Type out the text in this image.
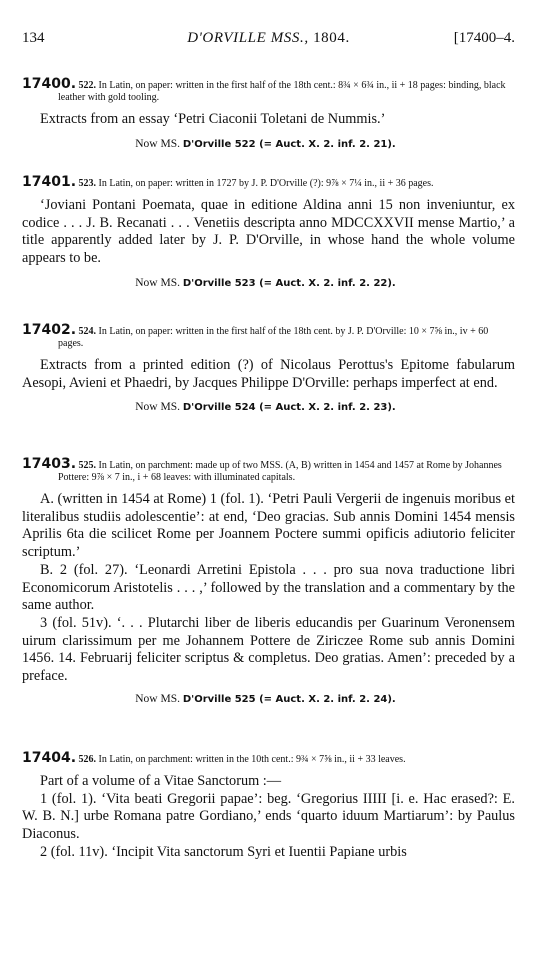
134	D'ORVILLE MSS., 1804.	[17400–4.
17400. 522. In Latin, on paper: written in the first half of the 18th cent.: 8¾ × 6¾ in., ii + 18 pages: binding, black leather with gold tooling.

Extracts from an essay ‘Petri Ciaconii Toletani de Nummis.’

Now MS. D'Orville 522 (= Auct. X. 2. inf. 2. 21).
17401. 523. In Latin, on paper: written in 1727 by J. P. D'Orville (?): 9⅞ × 7¼ in., ii + 36 pages.

‘Joviani Pontani Poemata, quae in editione Aldina anni 15 non inveniuntur, ex codice . . . J. B. Recanati . . . Venetiis descripta anno MDCCXXVII mense Martio,’ a title apparently added later by J. P. D'Orville, in whose hand the whole volume appears to be.

Now MS. D'Orville 523 (= Auct. X. 2. inf. 2. 22).
17402. 524. In Latin, on paper: written in the first half of the 18th cent. by J. P. D'Orville: 10 × 7⅝ in., iv + 60 pages.

Extracts from a printed edition (?) of Nicolaus Perottus's Epitome fabularum Aesopi, Avieni et Phaedri, by Jacques Philippe D'Orville: perhaps imperfect at end.

Now MS. D'Orville 524 (= Auct. X. 2. inf. 2. 23).
17403. 525. In Latin, on parchment: made up of two MSS. (A, B) written in 1454 and 1457 at Rome by Johannes Pottere: 9⅞ × 7 in., i + 68 leaves: with illuminated capitals.

A. (written in 1454 at Rome) 1 (fol. 1). ‘Petri Pauli Vergerii de ingenuis moribus et literalibus studiis adolescentie’: at end, ‘Deo gracias. Sub annis Domini 1454 mensis Aprilis 6ta die scilicet Rome per Joannem Poctere summi opificis adiutorio feliciter scriptum.’

B. 2 (fol. 27). ‘Leonardi Arretini Epistola . . . pro sua nova traductione libri Economicorum Aristotelis . . . ,’ followed by the translation and a commentary by the same author.

3 (fol. 51v). ‘. . . Plutarchi liber de liberis educandis per Guarinum Veronensem uirum clarissimum per me Johannem Pottere de Ziriczee Rome sub annis Domini 1456. 14. Februarij feliciter scriptus & completus. Deo gratias. Amen’: preceded by a preface.

Now MS. D'Orville 525 (= Auct. X. 2. inf. 2. 24).
17404. 526. In Latin, on parchment: written in the 10th cent.: 9¾ × 7⅝ in., ii + 33 leaves.

Part of a volume of a Vitae Sanctorum :—

1 (fol. 1). ‘Vita beati Gregorii papae’: beg. ‘Gregorius IIIII [i. e. Hac erased?: E. W. B. N.] urbe Romana patre Gordiano,’ ends ‘quarto iduum Martiarum’: by Paulus Diaconus.

2 (fol. 11v). ‘Incipit Vita sanctorum Syri et Iuentii Papiane urbis
